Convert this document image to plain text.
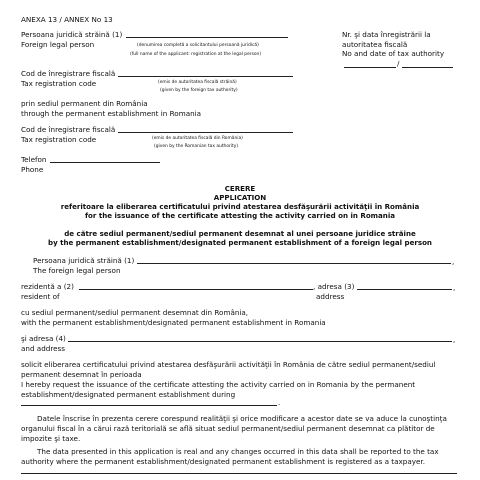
ANEXA 13 / ANNEX No 13
Persoana juridică străină (1)
Foreign legal person	(denumirea completă a solicitantului persoană juridică)
(full name of the applicant: registration at the legal person)
Nr. şi data înregistrării la
autoritatea fiscală
No and date of tax authority
/
Cod de înregistrare fiscală
Tax registration code	(emis de autoritatea fiscală străină)
(given by the foreign tax authority)
prin sediul permanent din România
through the permanent establishment in Romania
Cod de înregistrare fiscală
Tax registration code	(emis de autoritatea fiscală din România)
(given by the Romanian tax authority)
Telefon
Phone
CERERE
APPLICATION
referitoare la eliberarea certificatului privind atestarea desfăşurării activităţii în România
for the issuance of the certificate attesting the activity carried on in Romania
de către sediul permanent/sediul permanent desemnat al unei persoane juridice străine
by the permanent establishment/designated permanent establishment of a foreign legal person
Persoana juridică străină (1)	,
The foreign legal person
rezidentă a (2)	, adresa (3)	,
resident of	address
cu sediul permanent/sediul permanent desemnat din România,
with the permanent establishment/designated permanent establishment in Romania
şi adresa (4)	,
and address
solicit eliberarea certificatului privind atestarea desfăşurării activităţii în România de către sediul permanent/sediul
permanent desemnat în perioada
I hereby request the issuance of the certificate attesting the activity carried on in Romania by the permanent
establishment/designated permanent establishment during
.
Datele înscrise în prezenta cerere corespund realităţii şi orice modificare a acestor date se va aduce la cunoştinţa
organului fiscal în a cărui rază teritorială se află situat sediul permanent/sediul permanent desemnat ca plătitor de
impozite şi taxe.
The data presented in this application is real and any changes occurred in this data shall be reported to the tax
authority where the permanent establishment/designated permanent establishment is registered as a taxpayer.
